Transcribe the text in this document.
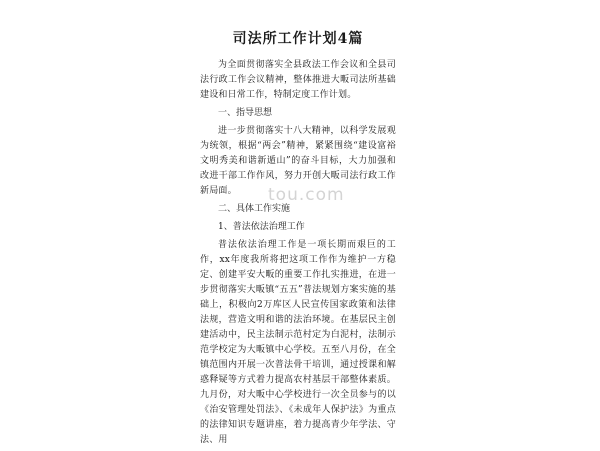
司法所工作计划4篇
为全面贯彻落实全县政法工作会议和全县司法行政工作会议精神，整体推进大畈司法所基础建设和日常工作，特制定度工作计划。
一、指导思想
进一步贯彻落实十八大精神，以科学发展观为统领，根据“两会”精神，紧紧围绕“建设富裕文明秀美和谐新遁山”的奋斗目标，大力加强和改进干部工作作风，努力开创大畈司法行政工作新局面。
二、具体工作实施
1、普法依法治理工作
普法依法治理工作是一项长期而艰巨的工作，xx年度我所将把这项工作作为维护一方稳定、创建平安大畈的重要工作扎实推进，在进一步贯彻落实大畈镇“五五”普法规划方案实施的基础上，积极向2万库区人民宣传国家政策和法律法规，营造文明和谐的法治环境。在基层民主创建活动中，民主法制示范村定为白泥村，法制示范学校定为大畈镇中心学校。五至八月份，在全镇范围内开展一次普法骨干培训，通过授课和解惑释疑等方式着力提高农村基层干部整体素质。九月份，对大畈中心学校进行一次全员参与的以《治安管理处罚法》、《未成年人保护法》为重点的法律知识专题讲座，着力提高青少年学法、守法、用
tou.com
